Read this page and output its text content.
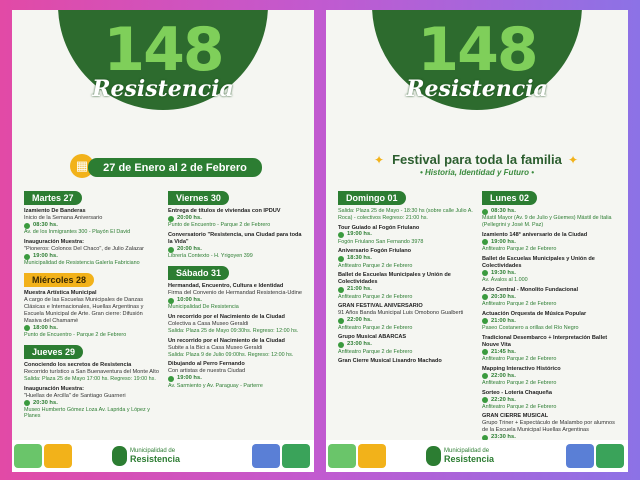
148
Resistencia
▦	27 de Enero al 2 de Febrero
Martes 27

Izamiento De Banderas
Inicio de la Semana Aniversario
08:30 hs.
Av. de los Inmigrantes 300 - Playón El David
Inauguración Muestra:
"Pioneros: Colonos Del Chaco", de Julio Zalazar
19:00 hs.
Municipalidad de Resistencia Galería Fabriciano
Miércoles 28

Muestra Artística Municipal
A cargo de las Escuelas Municipales de Danzas Clásicas e Internacionales, Huellas Argentinas y Escuela Municipal de Arte. Gran cierre: Difusión Masiva del Chamamé
18:00 hs.
Punto de Encuentro - Parque 2 de Febrero
Jueves 29

Conociendo los secretos de Resistencia
Recorrido turístico a San Buenaventura del Monte Alto
Salida: Plaza 25 de Mayo 17:00 hs. Regreso: 19:00 hs.
Inauguración Muestra:
"Huellas de Arcilla" de Santiago Guarneri
20:30 hs.
Museo Humberto Gómez Loza Av. Laprida y López y Planes
Viernes 30

Entrega de títulos de viviendas con IPDUV

20:00 hs.
Punto de Encuentro - Parque 2 de Febrero
Conversatorio "Resistencia, una Ciudad para toda la Vida"

20:00 hs.
Librería Contexto - H. Yrigoyen 399
Sábado 31

Hermandad, Encuentro, Cultura e Identidad
Firma del Convenio de Hermandad Resistencia-Udine
10:00 hs.
Municipalidad De Resistencia
Un recorrido por el Nacimiento de la Ciudad
Colectiva a Casa Museo Geraldi
Salida: Plaza 25 de Mayo 09:30hs. Regreso: 12:00 hs.
Un recorrido por el Nacimiento de la Ciudad
Subite a la Bici a Casa Museo Geraldi
Salida: Plaza 9 de Julio 09:00hs. Regreso: 12:00 hs.
Dibujando al Perro Fernando
Con artistas de nuestra Ciudad
19:00 hs.
Av. Sarmiento y Av. Paraguay - Parterre
Municipalidad de
Resistencia
148
Resistencia
✦	✦
Festival para toda la familia
• Historia, Identidad y Futuro •
Domingo 01

Salida: Plaza 25 de Mayo - 18:30 hs (sobre calle Julio A. Roca) - colectivos Regreso: 21:00 hs.
Tour Guiado al Fogón Friulano

19:00 hs.
Fogón Friulano San Fernando 3978
Aniversario Fogón Friulano

18:30 hs.
Anfiteatro Parque 2 de Febrero
Ballet de Escuelas Municipales y Unión de Colectividades

21:00 hs.
Anfiteatro Parque 2 de Febrero
GRAN FESTIVAL ANIVERSARIO
91 Años Banda Municipal Luis Omobono Gualberti
22:00 hs.
Anfiteatro Parque 2 de Febrero
Grupo Musical ABARCAS

23:00 hs.
Anfiteatro Parque 2 de Febrero
Gran Cierre Musical Lisandro Machado

Lunes 02

08:30 hs.
Mástil Mayor (Av. 9 de Julio y Güemes) Mástil de Italia (Pellegrini y José M. Paz)
Izamiento 148° aniversario de la Ciudad

19:00 hs.
Anfiteatro Parque 2 de Febrero
Ballet de Escuelas Municipales y Unión de Colectividades

19:30 hs.
Av. Ávalos al 1.000
Acto Central - Monolito Fundacional

20:30 hs.
Anfiteatro Parque 2 de Febrero
Actuación Orquesta de Música Popular

21:00 hs.
Paseo Costanero a orillas del Río Negro
Tradicional Desembarco + Interpretación Ballet Nouve Vita

21:45 hs.
Anfiteatro Parque 2 de Febrero
Mapping Interactivo Histórico

22:00 hs.
Anfiteatro Parque 2 de Febrero
Sorteo - Lotería Chaqueña

22:20 hs.
Anfiteatro Parque 2 de Febrero
GRAN CIERRE MUSICAL
Grupo Triner + Espectáculo de Malambo por alumnos de la Escuela Municipal Huellas Argentinas
23:30 hs.

Municipalidad de
Resistencia
